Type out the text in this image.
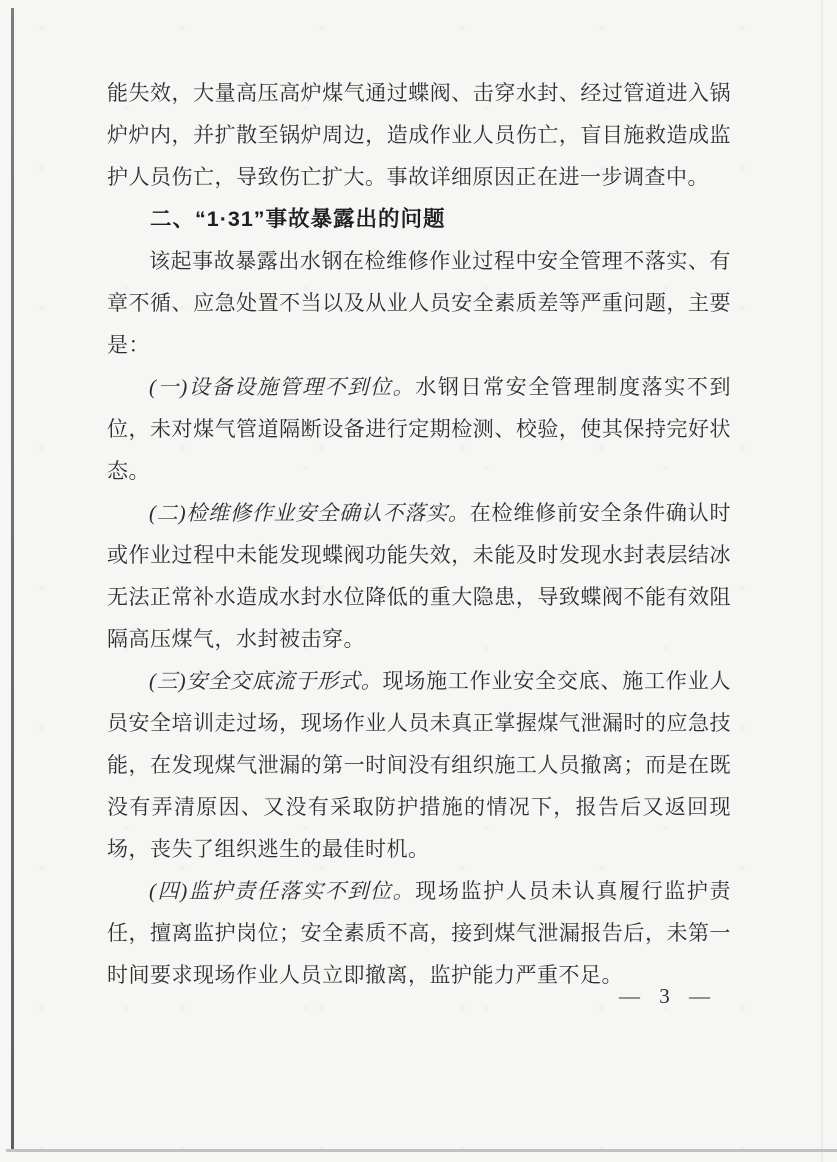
能失效，大量高压高炉煤气通过蝶阀、击穿水封、经过管道进入锅炉炉内，并扩散至锅炉周边，造成作业人员伤亡，盲目施救造成监护人员伤亡，导致伤亡扩大。事故详细原因正在进一步调查中。

二、“1·31”事故暴露出的问题

该起事故暴露出水钢在检维修作业过程中安全管理不落实、有章不循、应急处置不当以及从业人员安全素质差等严重问题，主要是：

(一)设备设施管理不到位。水钢日常安全管理制度落实不到位，未对煤气管道隔断设备进行定期检测、校验，使其保持完好状态。

(二)检维修作业安全确认不落实。在检维修前安全条件确认时或作业过程中未能发现蝶阀功能失效，未能及时发现水封表层结冰无法正常补水造成水封水位降低的重大隐患，导致蝶阀不能有效阻隔高压煤气，水封被击穿。

(三)安全交底流于形式。现场施工作业安全交底、施工作业人员安全培训走过场，现场作业人员未真正掌握煤气泄漏时的应急技能，在发现煤气泄漏的第一时间没有组织施工人员撤离；而是在既没有弄清原因、又没有采取防护措施的情况下，报告后又返回现场，丧失了组织逃生的最佳时机。

(四)监护责任落实不到位。现场监护人员未认真履行监护责任，擅离监护岗位；安全素质不高，接到煤气泄漏报告后，未第一时间要求现场作业人员立即撤离，监护能力严重不足。

— 3 —
